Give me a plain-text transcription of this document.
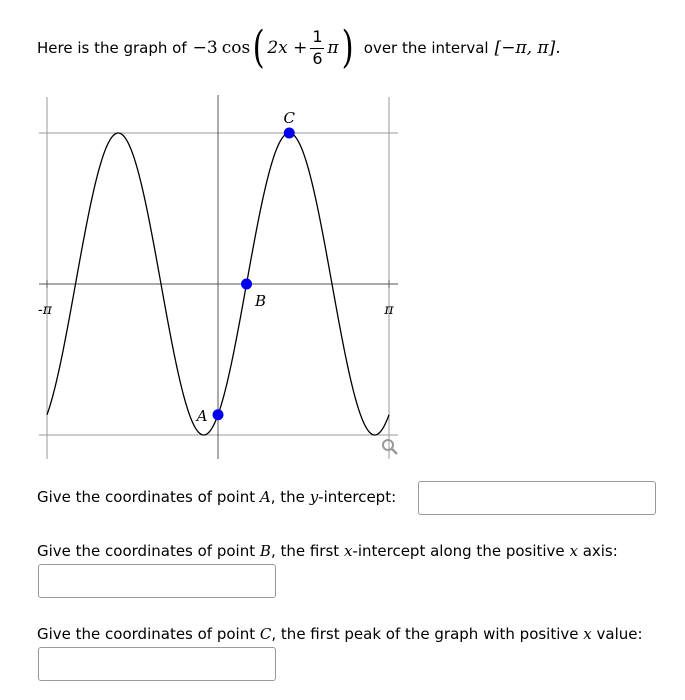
Here is the graph of −3 cos ( $2x + \frac{1}{6}$ π ) over the interval [−π, π].
-π	π
A
B
C
Give the coordinates of point A, the y-intercept:
Give the coordinates of point B, the first x-intercept along the positive x axis:
Give the coordinates of point C, the first peak of the graph with positive x value:
